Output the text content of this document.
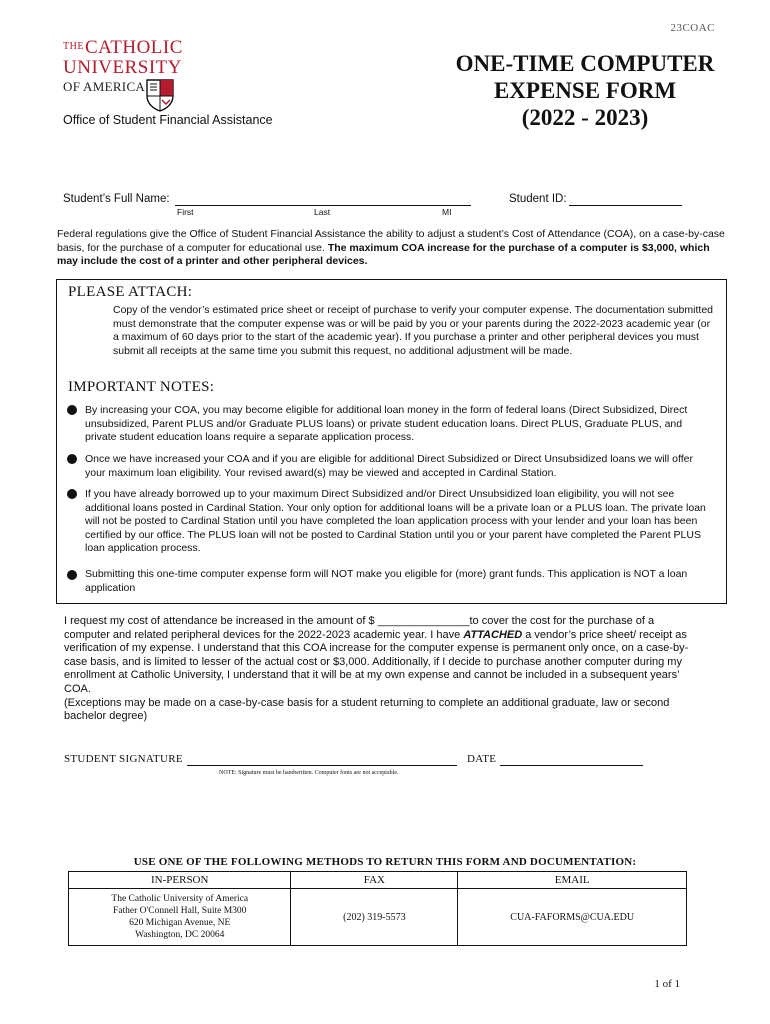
23COAC
$^{THE}$CATHOLIC
UNIVERSITY
OF AMERICA
Office of Student Financial Assistance
ONE-TIME COMPUTER
EXPENSE FORM
(2022 - 2023)
Student’s Full Name:
First	Last	MI
Student ID:
Federal regulations give the Office of Student Financial Assistance the ability to adjust a student’s Cost of Attendance (COA), on a case-by-case basis, for the purchase of a computer for educational use. The maximum COA increase for the purchase of a computer is $3,000, which may include the cost of a printer and other peripheral devices.
PLEASE ATTACH:
Copy of the vendor’s estimated price sheet or receipt of purchase to verify your computer expense. The documentation submitted must demonstrate that the computer expense was or will be paid by you or your parents during the 2022-2023 academic year (or a maximum of 60 days prior to the start of the academic year). If you purchase a printer and other peripheral devices you must submit all receipts at the same time you submit this request, no additional adjustment will be made.
IMPORTANT NOTES:
By increasing your COA, you may become eligible for additional loan money in the form of federal loans (Direct Subsidized, Direct unsubsidized, Parent PLUS and/or Graduate PLUS loans) or private student education loans. Direct PLUS, Graduate PLUS, and private student education loans require a separate application process.
Once we have increased your COA and if you are eligible for additional Direct Subsidized or Direct Unsubsidized loans we will offer your maximum loan eligibility. Your revised award(s) may be viewed and accepted in Cardinal Station.
If you have already borrowed up to your maximum Direct Subsidized and/or Direct Unsubsidized loan eligibility, you will not see additional loans posted in Cardinal Station. Your only option for additional loans will be a private loan or a PLUS loan. The private loan will not be posted to Cardinal Station until you have completed the loan application process with your lender and your loan has been certified by our office. The PLUS loan will not be posted to Cardinal Station until you or your parent have completed the Parent PLUS loan application process.
Submitting this one-time computer expense form will NOT make you eligible for (more) grant funds. This application is NOT a loan application
I request my cost of attendance be increased in the amount of $ _______________to cover the cost for the purchase of a computer and related peripheral devices for the 2022-2023 academic year. I have ATTACHED a vendor’s price sheet/ receipt as verification of my expense. I understand that this COA increase for the computer expense is permanent only once, on a case-by- case basis, and is limited to lesser of the actual cost or $3,000. Additionally, if I decide to purchase another computer during my enrollment at Catholic University, I understand that it will be at my own expense and cannot be included in a subsequent years’ COA.
(Exceptions may be made on a case-by-case basis for a student returning to complete an additional graduate, law or second bachelor degree)
STUDENT SIGNATURE	DATE
NOTE: Signature must be handwritten. Computer fonts are not acceptable.
USE ONE OF THE FOLLOWING METHODS TO RETURN THIS FORM AND DOCUMENTATION:
IN-PERSON	FAX	EMAIL

The Catholic University of America
Father O'Connell Hall, Suite M300
620 Michigan Avenue, NE
Washington, DC 20064	(202) 319-5573	CUA-FAFORMS@CUA.EDU
1 of 1
